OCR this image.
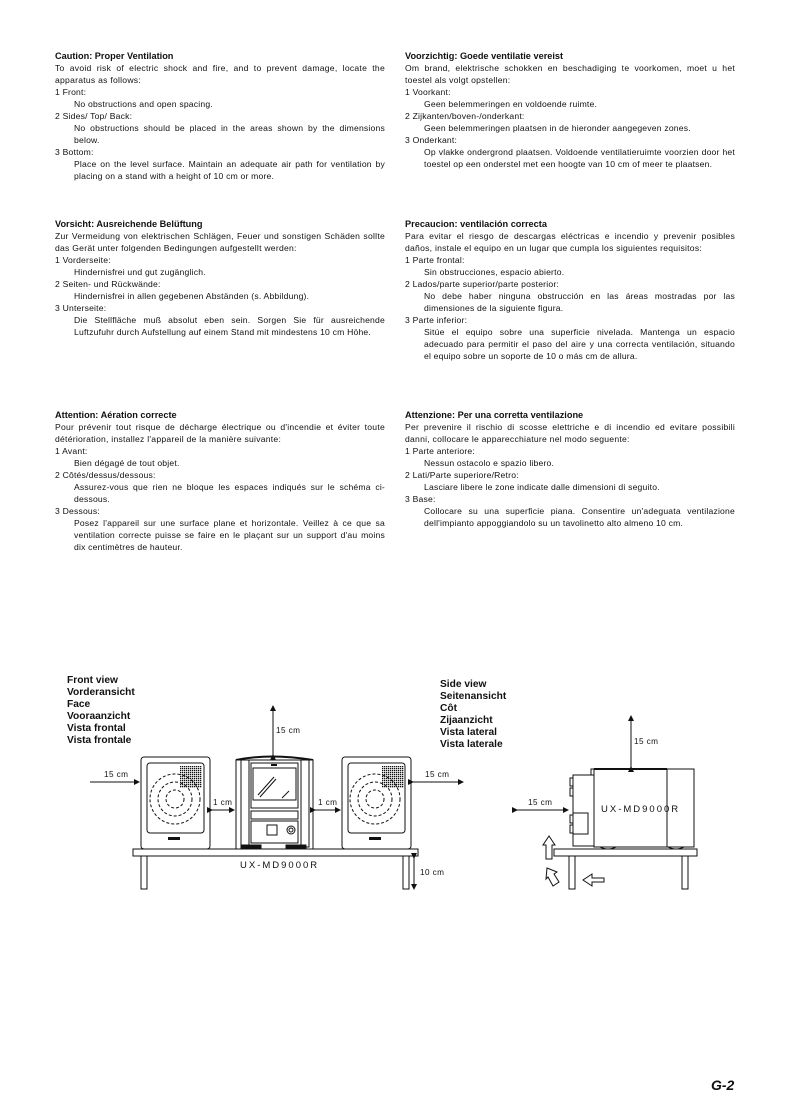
Caution: Proper Ventilation
To avoid risk of electric shock and fire, and to prevent damage, locate the apparatus as follows:
1 Front:
No obstructions and open spacing.
2 Sides/ Top/ Back:
No obstructions should be placed in the areas shown by the dimensions below.
3 Bottom:
Place on the level surface. Maintain an adequate air path for ventilation by placing on a stand with a height of 10 cm or more.
Voorzichtig: Goede ventilatie vereist
Om brand, elektrische schokken en beschadiging te voorkomen, moet u het toestel als volgt opstellen:
1 Voorkant:
Geen belemmeringen en voldoende ruimte.
2 Zijkanten/boven-/onderkant:
Geen belemmeringen plaatsen in de hieronder aangegeven zones.
3 Onderkant:
Op vlakke ondergrond plaatsen. Voldoende ventilatieruimte voorzien door het toestel op een onderstel met een hoogte van 10 cm of meer te plaatsen.
Vorsicht: Ausreichende Belüftung
Zur Vermeidung von elektrischen Schlägen, Feuer und sonstigen Schäden sollte das Gerät unter folgenden Bedingungen aufgestellt werden:
1 Vorderseite:
Hindernisfrei und gut zugänglich.
2 Seiten- und Rückwände:
Hindernisfrei in allen gegebenen Abständen (s. Abbildung).
3 Unterseite:
Die Stellfläche muß absolut eben sein. Sorgen Sie für ausreichende Luftzufuhr durch Aufstellung auf einem Stand mit mindestens 10 cm Höhe.
Precaucion: ventilación correcta
Para evitar el riesgo de descargas eléctricas e incendio y prevenir posibles daños, instale el equipo en un lugar que cumpla los siguientes requisitos:
1 Parte frontal:
Sin obstrucciones, espacio abierto.
2 Lados/parte superior/parte posterior:
No debe haber ninguna obstrucción en las áreas mostradas por las dimensiones de la siguiente figura.
3 Parte inferior:
Sitúe el equipo sobre una superficie nivelada. Mantenga un espacio adecuado para permitir el paso del aire y una correcta ventilación, situando el equipo sobre un soporte de 10 o más cm de allura.
Attention: Aération correcte
Pour prévenir tout risque de décharge électrique ou d'incendie et éviter toute détérioration, installez l'appareil de la manière suivante:
1 Avant:
Bien dégagé de tout objet.
2 Côtés/dessus/dessous:
Assurez-vous que rien ne bloque les espaces indiqués sur le schéma ci-dessous.
3 Dessous:
Posez l'appareil sur une surface plane et horizontale. Veillez à ce que sa ventilation correcte puisse se faire en le plaçant sur un support d'au moins dix centimètres de hauteur.
Attenzione: Per una corretta ventilazione
Per prevenire il rischio di scosse elettriche e di incendio ed evitare possibili danni, collocare le apparecchiature nel modo seguente:
1 Parte anteriore:
Nessun ostacolo e spazio libero.
2 Lati/Parte superiore/Retro:
Lasciare libere le zone indicate dalle dimensioni di seguito.
3 Base:
Collocare su una superficie piana. Consentire un'adeguata ventilazione dell'impianto appoggiandolo su un tavolinetto alto almeno 10 cm.
Front view
Vorderansicht
Face
Vooraanzicht
Vista frontal
Vista frontale
Side view
Seitenansicht
Côt
Zijaanzicht
Vista lateral
Vista laterale
15 cm
15 cm	15 cm
1 cm	1 cm
10 cm
UX-MD9000R
15 cm
15 cm
UX-MD9000R
G-2
